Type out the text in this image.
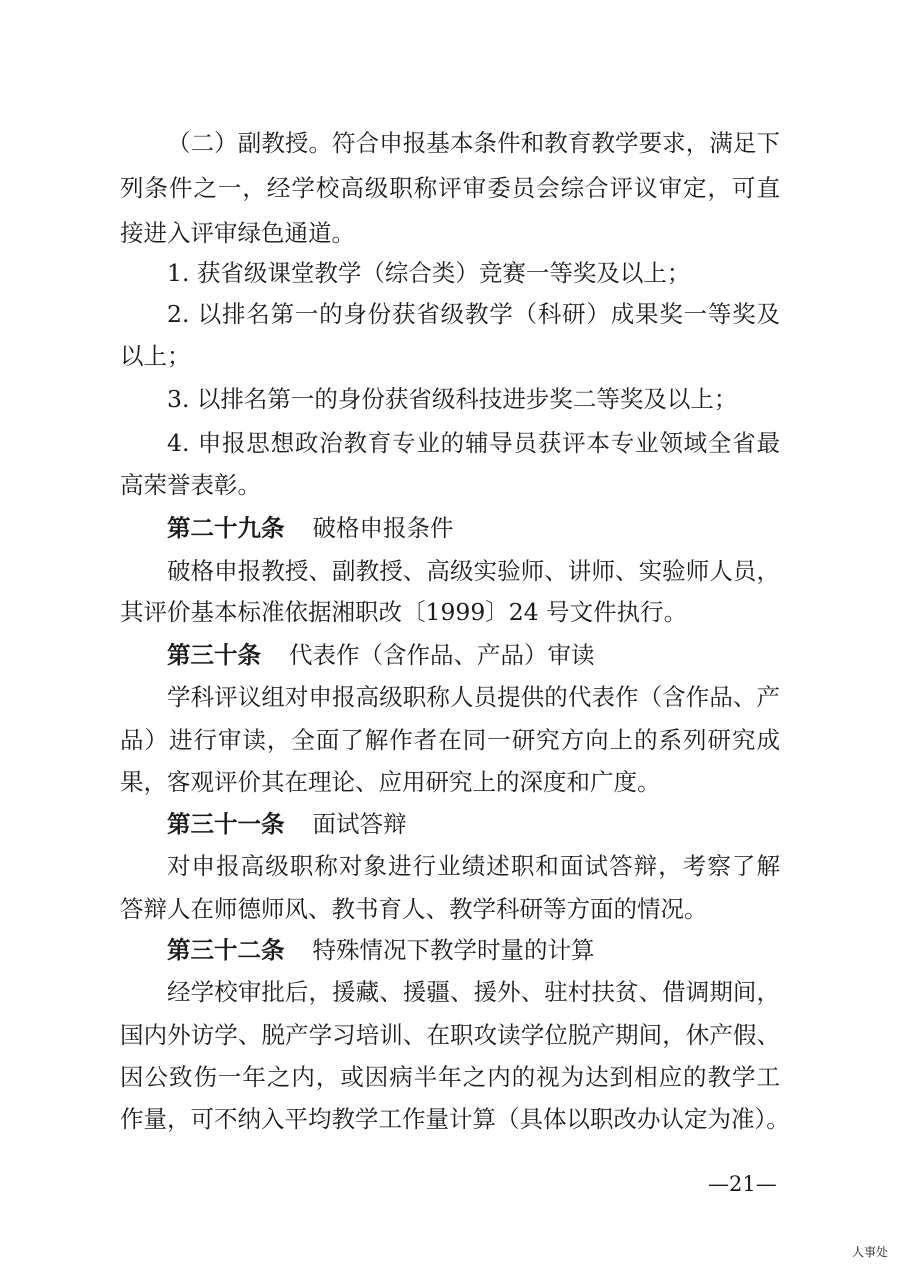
（二）副教授。符合申报基本条件和教育教学要求，满足下
列条件之一，经学校高级职称评审委员会综合评议审定，可直
接进入评审绿色通道。
1. 获省级课堂教学（综合类）竞赛一等奖及以上；
2. 以排名第一的身份获省级教学（科研）成果奖一等奖及
以上；
3. 以排名第一的身份获省级科技进步奖二等奖及以上；
4. 申报思想政治教育专业的辅导员获评本专业领域全省最
高荣誉表彰。
第二十九条 破格申报条件
破格申报教授、副教授、高级实验师、讲师、实验师人员，
其评价基本标准依据湘职改〔1999〕24 号文件执行。
第三十条 代表作（含作品、产品）审读
学科评议组对申报高级职称人员提供的代表作（含作品、产
品）进行审读，全面了解作者在同一研究方向上的系列研究成
果，客观评价其在理论、应用研究上的深度和广度。
第三十一条 面试答辩
对申报高级职称对象进行业绩述职和面试答辩，考察了解
答辩人在师德师风、教书育人、教学科研等方面的情况。
第三十二条 特殊情况下教学时量的计算
经学校审批后，援藏、援疆、援外、驻村扶贫、借调期间，
国内外访学、脱产学习培训、在职攻读学位脱产期间，休产假、
因公致伤一年之内，或因病半年之内的视为达到相应的教学工
作量，可不纳入平均教学工作量计算（具体以职改办认定为准）。
—21—
人事处
